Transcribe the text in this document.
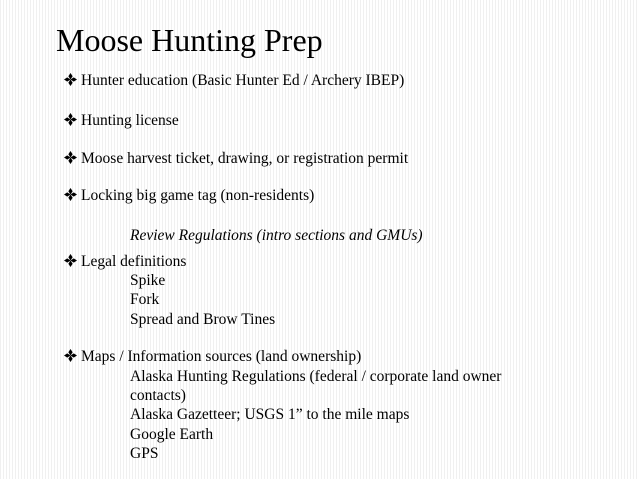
Moose Hunting Prep
Hunter education (Basic Hunter Ed / Archery IBEP)
Hunting license
Moose harvest ticket, drawing, or registration permit
Locking big game tag (non-residents)
Review Regulations (intro sections and GMUs)
Legal definitions
Spike
Fork
Spread and Brow Tines
Maps / Information sources (land ownership)
Alaska Hunting Regulations (federal / corporate land owner
contacts)
Alaska Gazetteer; USGS 1” to the mile maps
Google Earth
GPS
